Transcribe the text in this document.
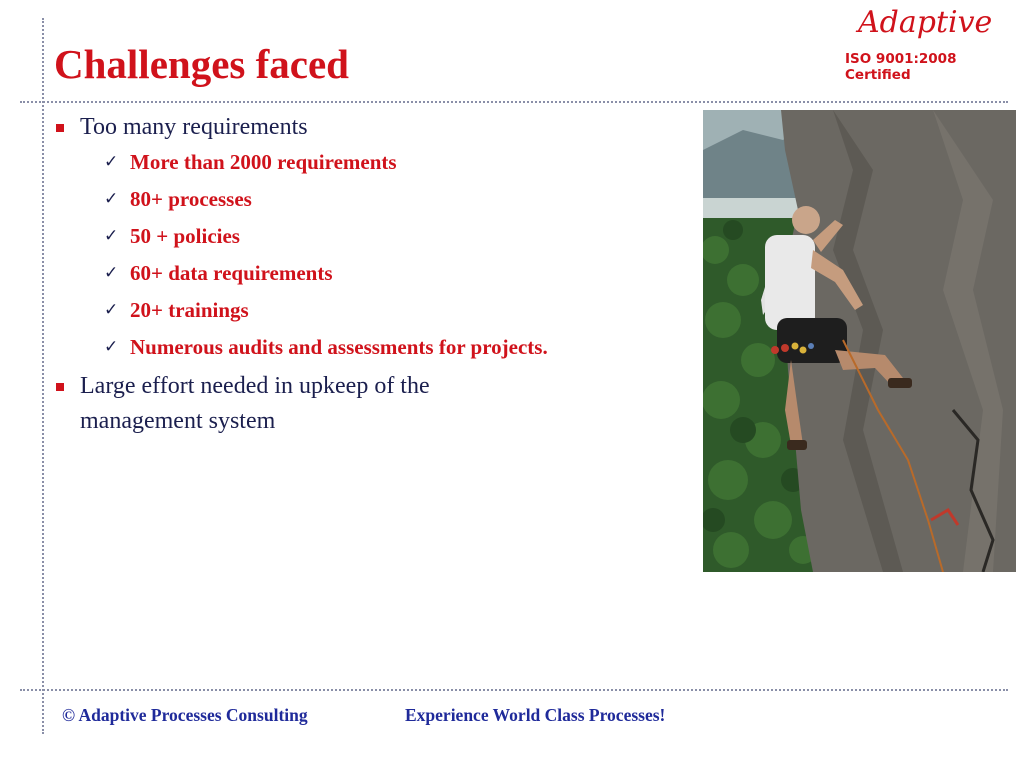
Challenges faced
Adaptive
ISO 9001:2008 Certified
Too many requirements
✓ More than 2000 requirements
✓ 80+ processes
✓ 50 + policies
✓ 60+ data requirements
✓ 20+ trainings
✓ Numerous audits and assessments for projects.
Large effort needed in upkeep of the management system
© Adaptive Processes Consulting	Experience World Class Processes!
